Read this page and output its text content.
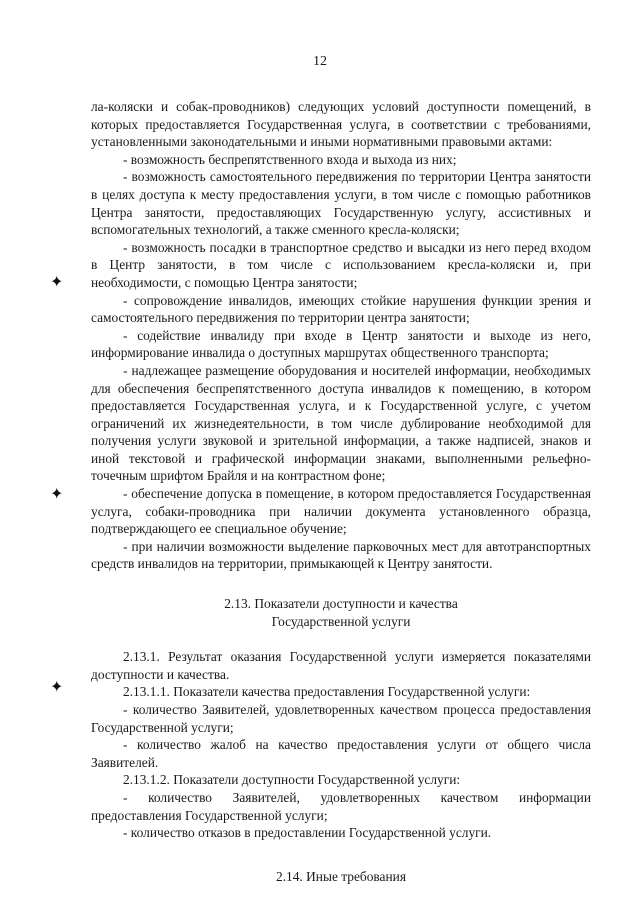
12
✦
✦
✦

ла-коляски и собак-проводников) следующих условий доступности помещений, в которых предоставляется Государственная услуга, в соответствии с требованиями, установленными законодательными и иными нормативными правовыми актами:

- возможность беспрепятственного входа и выхода из них;

- возможность самостоятельного передвижения по территории Центра занятости в целях доступа к месту предоставления услуги, в том числе с помощью работников Центра занятости, предоставляющих Государственную услугу, ассистивных и вспомогательных технологий, а также сменного кресла-коляски;

- возможность посадки в транспортное средство и высадки из него перед входом в Центр занятости, в том числе с использованием кресла-коляски и, при необходимости, с помощью Центра занятости;

- сопровождение инвалидов, имеющих стойкие нарушения функции зрения и самостоятельного передвижения по территории центра занятости;

- содействие инвалиду при входе в Центр занятости и выходе из него, информирование инвалида о доступных маршрутах общественного транспорта;

- надлежащее размещение оборудования и носителей информации, необходимых для обеспечения беспрепятственного доступа инвалидов к помещению, в котором предоставляется Государственная услуга, и к Государственной услуге, с учетом ограничений их жизнедеятельности, в том числе дублирование необходимой для получения услуги звуковой и зрительной информации, а также надписей, знаков и иной текстовой и графической информации знаками, выполненными рельефно-точечным шрифтом Брайля и на контрастном фоне;

- обеспечение допуска в помещение, в котором предоставляется Государственная услуга, собаки-проводника при наличии документа установленного образца, подтверждающего ее специальное обучение;

- при наличии возможности выделение парковочных мест для автотранспортных средств инвалидов на территории, примыкающей к Центру занятости.

2.13. Показатели доступности и качества

Государственной услуги

2.13.1. Результат оказания Государственной услуги измеряется показателями доступности и качества.

2.13.1.1. Показатели качества предоставления Государственной услуги:

- количество Заявителей, удовлетворенных качеством процесса предоставления Государственной услуги;

- количество жалоб на качество предоставления услуги от общего числа Заявителей.

2.13.1.2. Показатели доступности Государственной услуги:

- количество Заявителей, удовлетворенных качеством информации предоставления Государственной услуги;

- количество отказов в предоставлении Государственной услуги.

2.14. Иные требования
